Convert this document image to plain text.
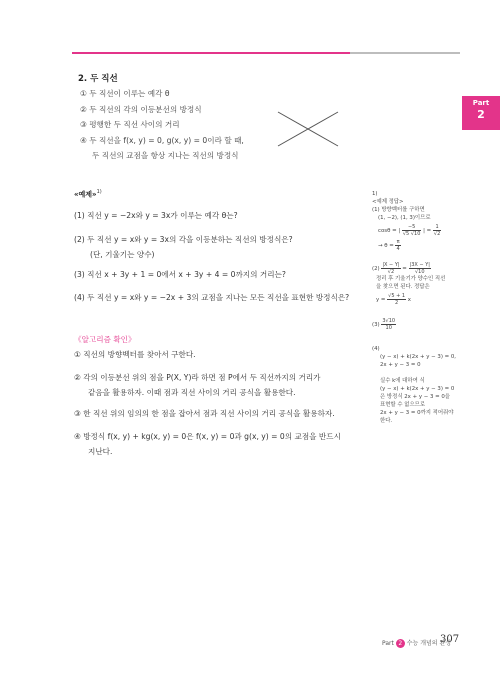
Part
2
2. 두 직선
① 두 직선이 이루는 예각 θ
② 두 직선의 각의 이등분선의 방정식
③ 평행한 두 직선 사이의 거리
④ 두 직선을 f(x, y) = 0, g(x, y) = 0이라 할 때,
두 직선의 교점을 항상 지나는 직선의 방정식
«예제»$^{1)}$
(1) 직선 y = −2x와 y = 3x가 이루는 예각 θ는?
(2) 두 직선 y = x와 y = 3x의 각을 이등분하는 직선의 방정식은?
(단, 기울기는 양수)
(3) 직선 x + 3y + 1 = 0에서 x + 3y + 4 = 0까지의 거리는?
(4) 두 직선 y = x와 y = −2x + 3의 교점을 지나는 모든 직선을 표현한 방정식은?
《알고리즘 확인》
① 직선의 방향벡터를 찾아서 구한다.
② 각의 이등분선 위의 점을 P(X, Y)라 하면 점 P에서 두 직선까지의 거리가
같음을 활용하자. 이때 점과 직선 사이의 거리 공식을 활용한다.
③ 한 직선 위의 임의의 한 점을 잡아서 점과 직선 사이의 거리 공식을 활용하자.
④ 방정식 f(x, y) + kg(x, y) = 0은 f(x, y) = 0과 g(x, y) = 0의 교점을 반드시
지난다.
1)
<예제 정답>
(1) 방향벡터를 구하면
(1, −2), (1, 3)이므로
cosθ = | $\frac{-5}{√5 √10}$ | = $\frac{1}{√2}$
→ $\theta = \frac{\pi}{4}$
$(2) \frac{|X - Y|}{√2} = \frac{|3X - Y|}{√10}$
정리 후 기울기가 양수인 직선
을 찾으면 된다. 정답은
$y = \frac{√5 + 1}{2}$ x
$(3) \frac{3√10}{10}$
(4)
(y − x) + k(2x + y − 3) = 0,
2x + y − 3 = 0
실수 k에 대하여 식
(y − x) + k(2x + y − 3) = 0
은 방정식 2x + y − 3 = 0을
표현할 수 없으므로
2x + y − 3 = 0까지 적어줘야
한다.
Part 2 수능 개념의 완성
307
